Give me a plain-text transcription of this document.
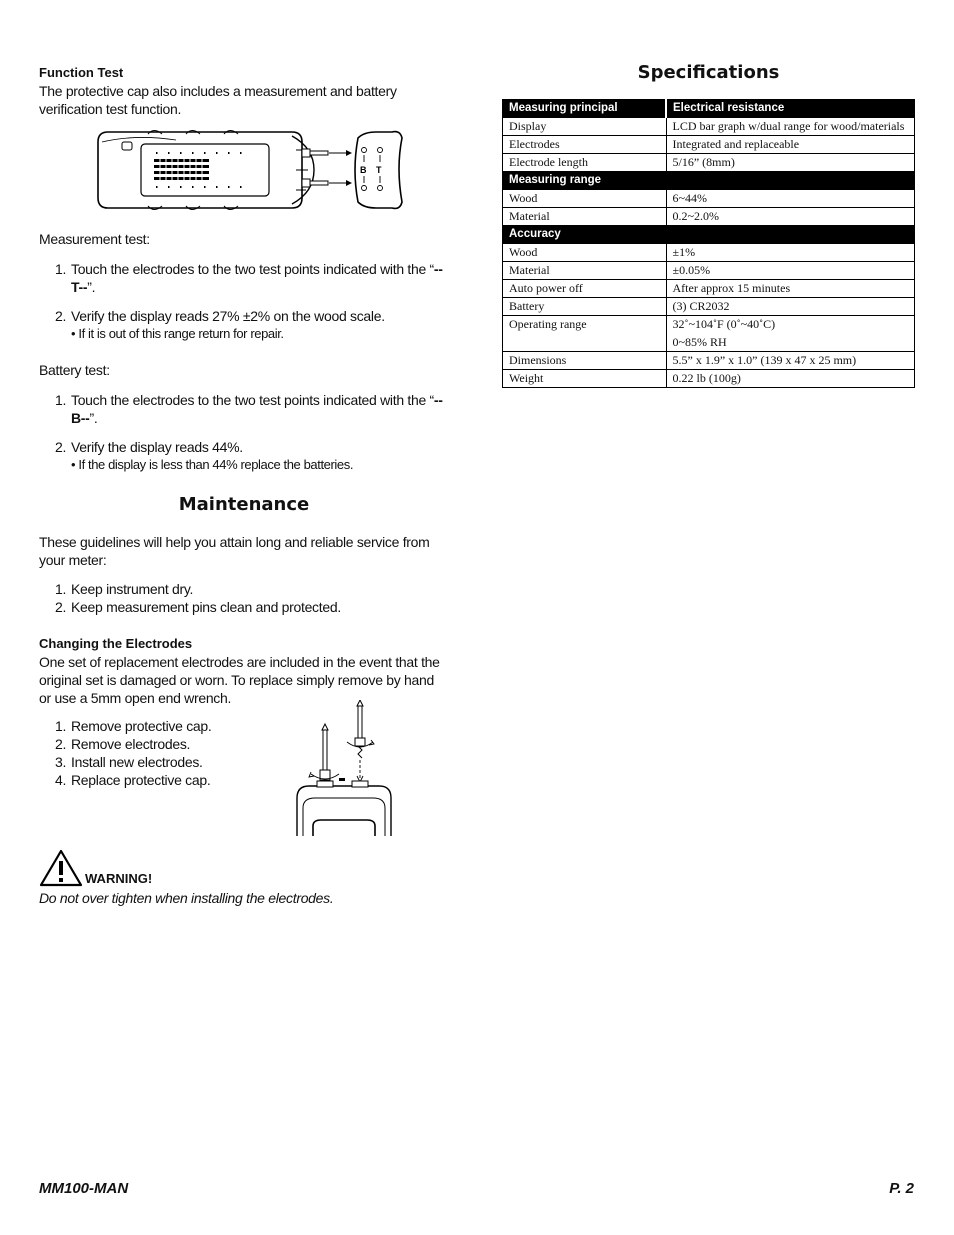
Function Test

The protective cap also includes a measurement and battery verification test function.

B T

Measurement test:

1. Touch the electrodes to the two test points indicated with the “--T--”.
2. Verify the display reads 27% ±2% on the wood scale.
• If it is out of this range return for repair.

Battery test:

1. Touch the electrodes to the two test points indicated with the “--B--”.
2. Verify the display reads 44%.
• If the display is less than 44% replace the batteries.
Maintenance

These guidelines will help you attain long and reliable service from your meter:

1. Keep instrument dry.
2. Keep measurement pins clean and protected.
Changing the Electrodes

One set of replacement electrodes are included in the event that the original set is damaged or worn. To replace simply remove by hand or use a 5mm open end wrench.

1. Remove protective cap.
2. Remove electrodes.
3. Install new electrodes.
4. Replace protective cap.
WARNING!

Do not over tighten when installing the electrodes.

Specifications
Measuring principal	Electrical resistance
Display	LCD bar graph w/dual range for wood/materials
Electrodes	Integrated and replaceable
Electrode length	5/16” (8mm)
Measuring range	
Wood	6~44%
Material	0.2~2.0%
Accuracy	
Wood	±1%
Material	±0.05%
Auto power off	After approx 15 minutes
Battery	(3) CR2032
Operating range	32˚~104˚F (0˚~40˚C)
0~85% RH

Dimensions	5.5” x 1.9” x 1.0” (139 x 47 x 25 mm)
Weight	0.22 lb (100g)
MM100-MAN	P. 2
